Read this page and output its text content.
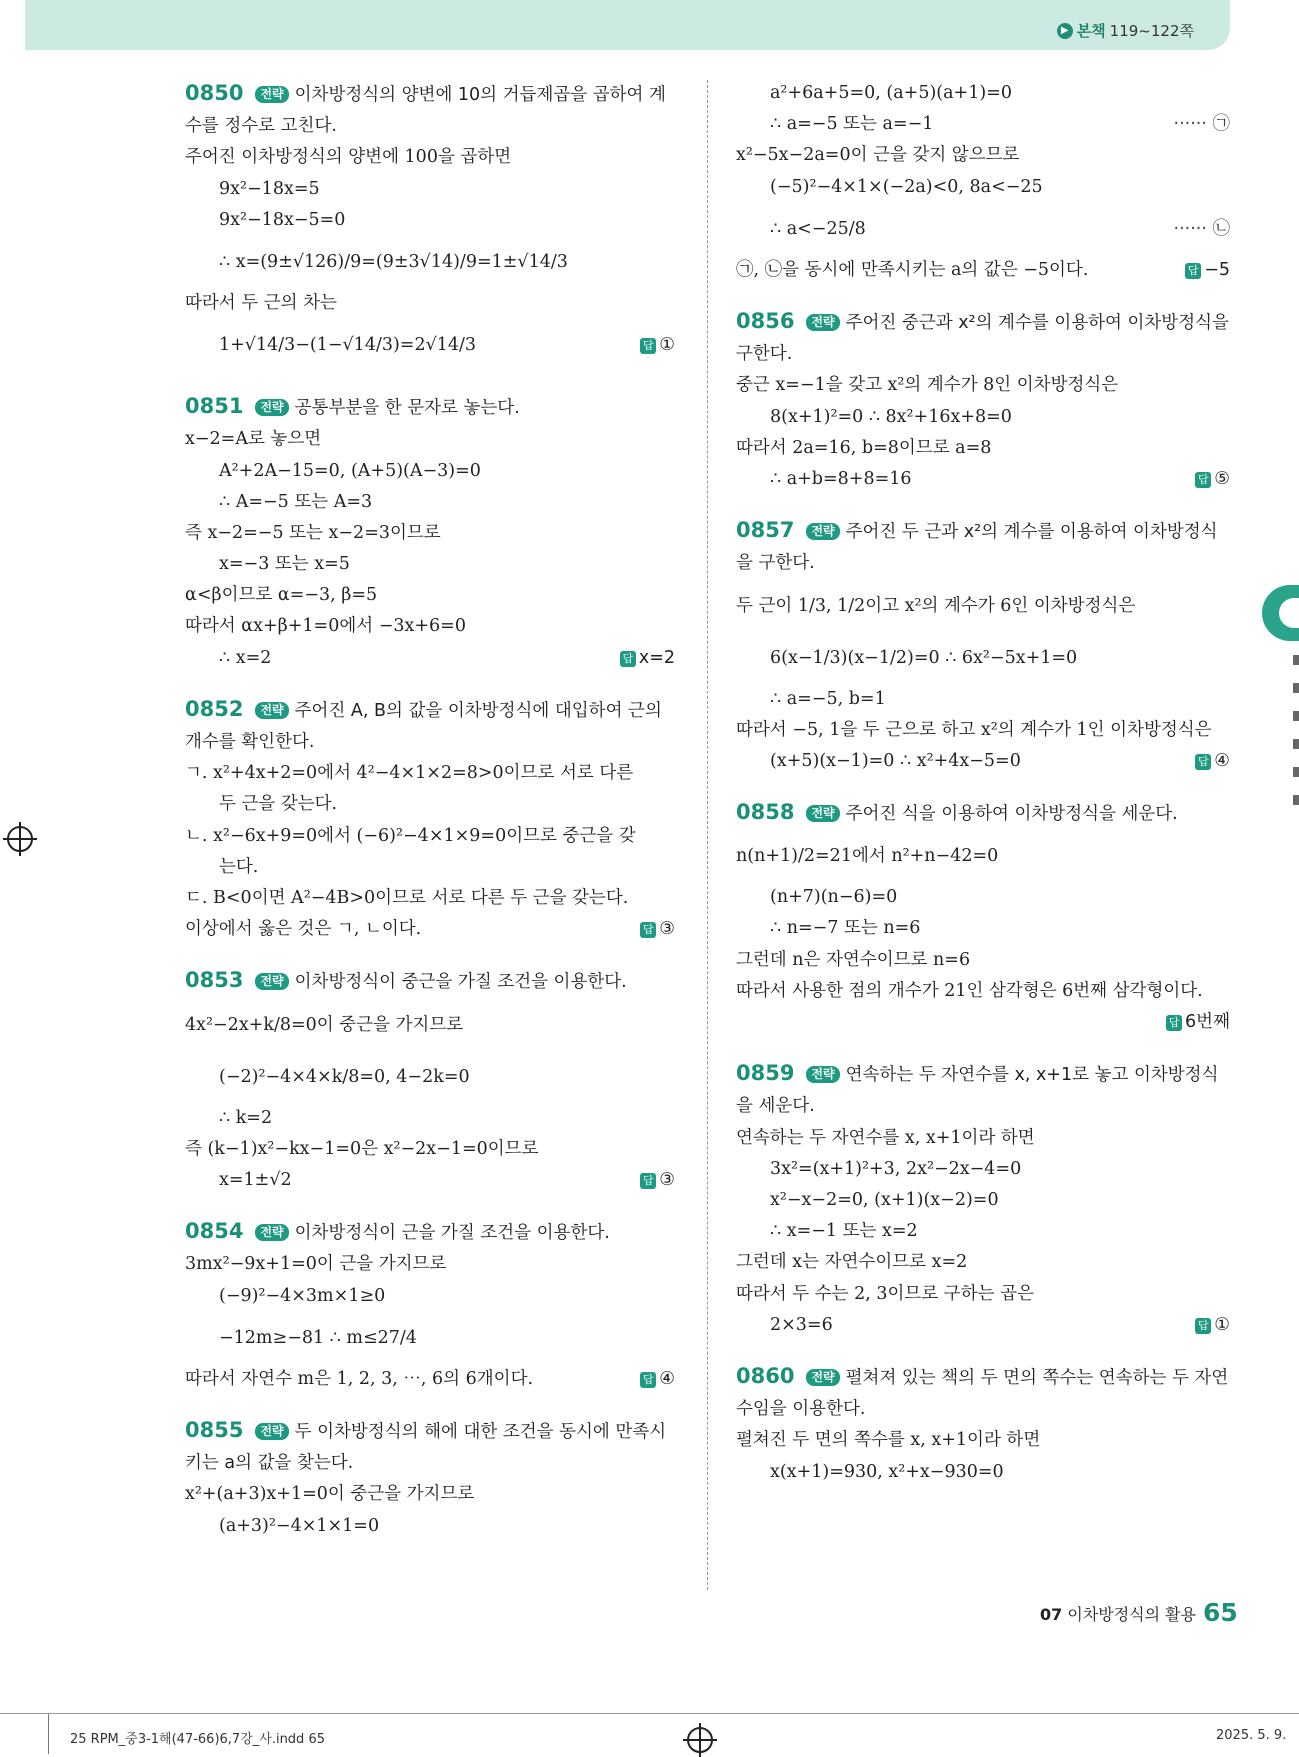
▶ 본책 119~122쪽
0850 전략 이차방정식의 양변에 10의 거듭제곱을 곱하여 계수를 정수로 고친다.
주어진 이차방정식의 양변에 100을 곱하면
9x²−18x=5
9x²−18x−5=0
∴ x=(9±√126)/9=(9±3√14)/9=1±√14/3
따라서 두 근의 차는
1+√14/3−(1−√14/3)=2√14/3	답 ①
0851 전략 공통부분을 한 문자로 놓는다.
x−2=A로 놓으면
A²+2A−15=0, (A+5)(A−3)=0
∴ A=−5 또는 A=3
즉 x−2=−5 또는 x−2=3이므로
x=−3 또는 x=5
α<β이므로 α=−3, β=5
따라서 αx+β+1=0에서 −3x+6=0
∴ x=2	답 x=2
0852 전략 주어진 A, B의 값을 이차방정식에 대입하여 근의 개수를 확인한다.
ㄱ. x²+4x+2=0에서 4²−4×1×2=8>0이므로 서로 다른
두 근을 갖는다.
ㄴ. x²−6x+9=0에서 (−6)²−4×1×9=0이므로 중근을 갖
는다.
ㄷ. B<0이면 A²−4B>0이므로 서로 다른 두 근을 갖는다.
이상에서 옳은 것은 ㄱ, ㄴ이다.	답 ③
0853 전략 이차방정식이 중근을 가질 조건을 이용한다.
4x²−2x+k/8=0이 중근을 가지므로
(−2)²−4×4×k/8=0, 4−2k=0
∴ k=2
즉 (k−1)x²−kx−1=0은 x²−2x−1=0이므로
x=1±√2	답 ③
0854 전략 이차방정식이 근을 가질 조건을 이용한다.
3mx²−9x+1=0이 근을 가지므로
(−9)²−4×3m×1≥0
−12m≥−81 ∴ m≤27/4
따라서 자연수 m은 1, 2, 3, ⋯, 6의 6개이다.	답 ④
0855 전략 두 이차방정식의 해에 대한 조건을 동시에 만족시키는 a의 값을 찾는다.
x²+(a+3)x+1=0이 중근을 가지므로
(a+3)²−4×1×1=0
a²+6a+5=0, (a+5)(a+1)=0
∴ a=−5 또는 a=−1	······ ㉠
x²−5x−2a=0이 근을 갖지 않으므로
(−5)²−4×1×(−2a)<0, 8a<−25
∴ a<−25/8	······ ㉡
㉠, ㉡을 동시에 만족시키는 a의 값은 −5이다.	답 −5
0856 전략 주어진 중근과 x²의 계수를 이용하여 이차방정식을 구한다.
중근 x=−1을 갖고 x²의 계수가 8인 이차방정식은
8(x+1)²=0 ∴ 8x²+16x+8=0
따라서 2a=16, b=8이므로 a=8
∴ a+b=8+8=16	답 ⑤
0857 전략 주어진 두 근과 x²의 계수를 이용하여 이차방정식을 구한다.
두 근이 1/3, 1/2이고 x²의 계수가 6인 이차방정식은
6(x−1/3)(x−1/2)=0 ∴ 6x²−5x+1=0
∴ a=−5, b=1
따라서 −5, 1을 두 근으로 하고 x²의 계수가 1인 이차방정식은
(x+5)(x−1)=0 ∴ x²+4x−5=0	답 ④
0858 전략 주어진 식을 이용하여 이차방정식을 세운다.
n(n+1)/2=21에서 n²+n−42=0
(n+7)(n−6)=0
∴ n=−7 또는 n=6
그런데 n은 자연수이므로 n=6
따라서 사용한 점의 개수가 21인 삼각형은 6번째 삼각형이다.
답 6번째
0859 전략 연속하는 두 자연수를 x, x+1로 놓고 이차방정식을 세운다.
연속하는 두 자연수를 x, x+1이라 하면
3x²=(x+1)²+3, 2x²−2x−4=0
x²−x−2=0, (x+1)(x−2)=0
∴ x=−1 또는 x=2
그런데 x는 자연수이므로 x=2
따라서 두 수는 2, 3이므로 구하는 곱은
2×3=6	답 ①
0860 전략 펼쳐져 있는 책의 두 면의 쪽수는 연속하는 두 자연수임을 이용한다.
펼쳐진 두 면의 쪽수를 x, x+1이라 하면
x(x+1)=930, x²+x−930=0
07 이차방정식의 활용 65
25 RPM_중3-1해(47-66)6,7강_사.indd 65	2025. 5. 9.
